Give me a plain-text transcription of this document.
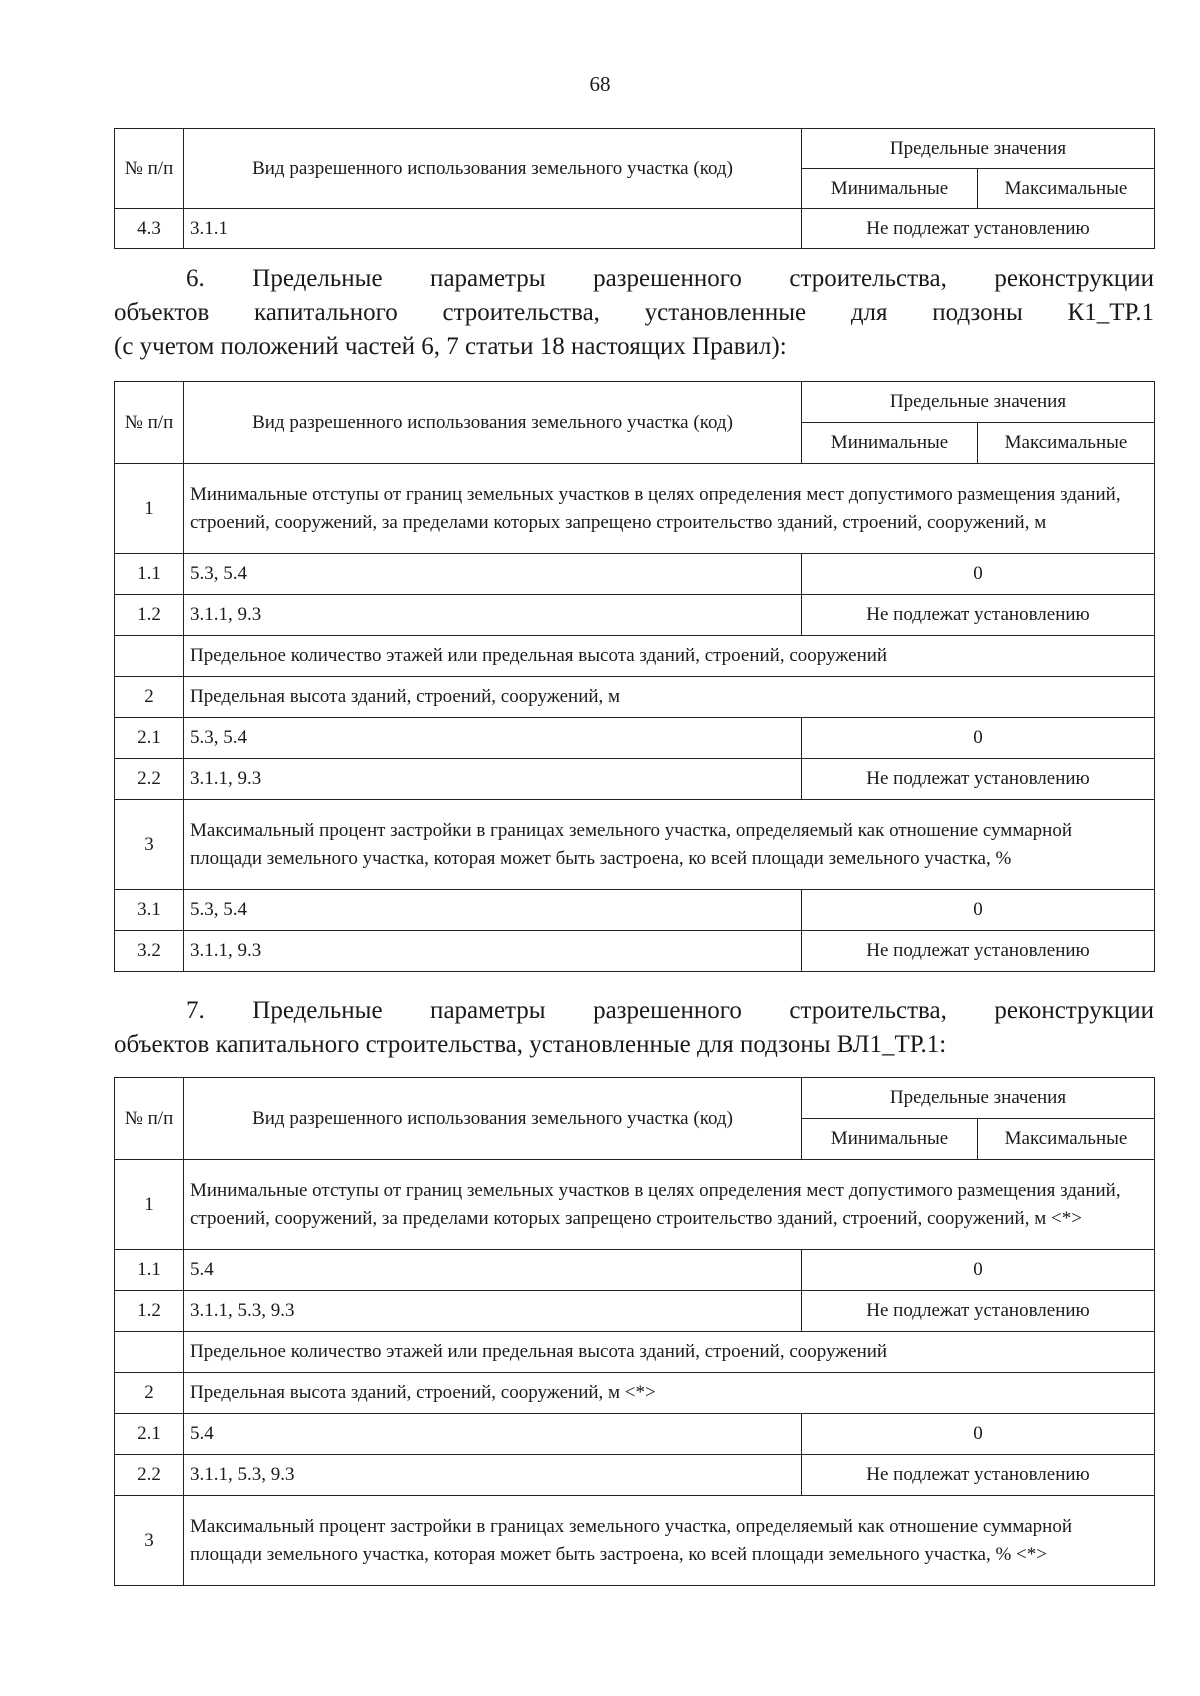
68
№ п/п	Вид разрешенного использования земельного участка (код)	Предельные значения	
		Минимальные	Максимальные
4.3	3.1.1	Не подлежат установлению	
6. Предельные параметры разрешенного строительства, реконструкции
объектов капитального строительства, установленные для подзоны К1_ТР.1
(с учетом положений частей 6, 7 статьи 18 настоящих Правил):
№ п/п	Вид разрешенного использования земельного участка (код)	Предельные значения	
		Минимальные	Максимальные
1	Минимальные отступы от границ земельных участков в целях определения мест допустимого размещения зданий, строений, сооружений, за пределами которых запрещено строительство зданий, строений, сооружений, м		
1.1	5.3, 5.4	0	
1.2	3.1.1, 9.3	Не подлежат установлению	
	Предельное количество этажей или предельная высота зданий, строений, сооружений		
2	Предельная высота зданий, строений, сооружений, м		
2.1	5.3, 5.4	0	
2.2	3.1.1, 9.3	Не подлежат установлению	
3	Максимальный процент застройки в границах земельного участка, определяемый как отношение суммарной площади земельного участка, которая может быть застроена, ко всей площади земельного участка, %		
3.1	5.3, 5.4	0	
3.2	3.1.1, 9.3	Не подлежат установлению	
7. Предельные параметры разрешенного строительства, реконструкции
объектов капитального строительства, установленные для подзоны ВЛ1_ТР.1:
№ п/п	Вид разрешенного использования земельного участка (код)	Предельные значения	
		Минимальные	Максимальные
1	Минимальные отступы от границ земельных участков в целях определения мест допустимого размещения зданий, строений, сооружений, за пределами которых запрещено строительство зданий, строений, сооружений, м <*>		
1.1	5.4	0	
1.2	3.1.1, 5.3, 9.3	Не подлежат установлению	
	Предельное количество этажей или предельная высота зданий, строений, сооружений		
2	Предельная высота зданий, строений, сооружений, м <*>		
2.1	5.4	0	
2.2	3.1.1, 5.3, 9.3	Не подлежат установлению	
3	Максимальный процент застройки в границах земельного участка, определяемый как отношение суммарной площади земельного участка, которая может быть застроена, ко всей площади земельного участка, % <*>		
